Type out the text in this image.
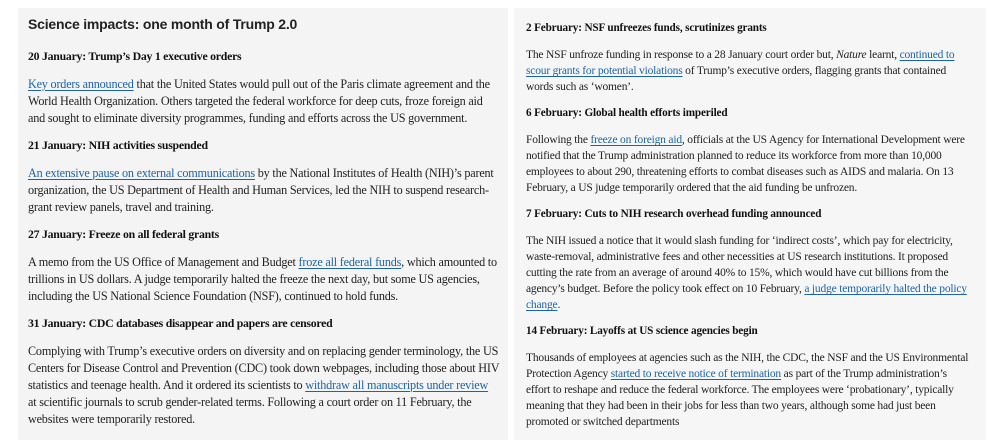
Science impacts: one month of Trump 2.0
20 January: Trump’s Day 1 executive orders
Key orders announced that the United States would pull out of the Paris climate agreement and the
World Health Organization. Others targeted the federal workforce for deep cuts, froze foreign aid
and sought to eliminate diversity programmes, funding and efforts across the US government.
21 January: NIH activities suspended
An extensive pause on external communications by the National Institutes of Health (NIH)’s parent
organization, the US Department of Health and Human Services, led the NIH to suspend research-
grant review panels, travel and training.
27 January: Freeze on all federal grants
A memo from the US Office of Management and Budget froze all federal funds, which amounted to
trillions in US dollars. A judge temporarily halted the freeze the next day, but some US agencies,
including the US National Science Foundation (NSF), continued to hold funds.
31 January: CDC databases disappear and papers are censored
Complying with Trump’s executive orders on diversity and on replacing gender terminology, the US
Centers for Disease Control and Prevention (CDC) took down webpages, including those about HIV
statistics and teenage health. And it ordered its scientists to withdraw all manuscripts under review
at scientific journals to scrub gender-related terms. Following a court order on 11 February, the
websites were temporarily restored.
2 February: NSF unfreezes funds, scrutinizes grants
The NSF unfroze funding in response to a 28 January court order but, Nature learnt, continued to
scour grants for potential violations of Trump’s executive orders, flagging grants that contained
words such as ‘women’.
6 February: Global health efforts imperiled
Following the freeze on foreign aid, officials at the US Agency for International Development were
notified that the Trump administration planned to reduce its workforce from more than 10,000
employees to about 290, threatening efforts to combat diseases such as AIDS and malaria. On 13
February, a US judge temporarily ordered that the aid funding be unfrozen.
7 February: Cuts to NIH research overhead funding announced
The NIH issued a notice that it would slash funding for ‘indirect costs’, which pay for electricity,
waste-removal, administrative fees and other necessities at US research institutions. It proposed
cutting the rate from an average of around 40% to 15%, which would have cut billions from the
agency’s budget. Before the policy took effect on 10 February, a judge temporarily halted the policy
change.
14 February: Layoffs at US science agencies begin
Thousands of employees at agencies such as the NIH, the CDC, the NSF and the US Environmental
Protection Agency started to receive notice of termination as part of the Trump administration’s
effort to reshape and reduce the federal workforce. The employees were ‘probationary’, typically
meaning that they had been in their jobs for less than two years, although some had just been
promoted or switched departments
